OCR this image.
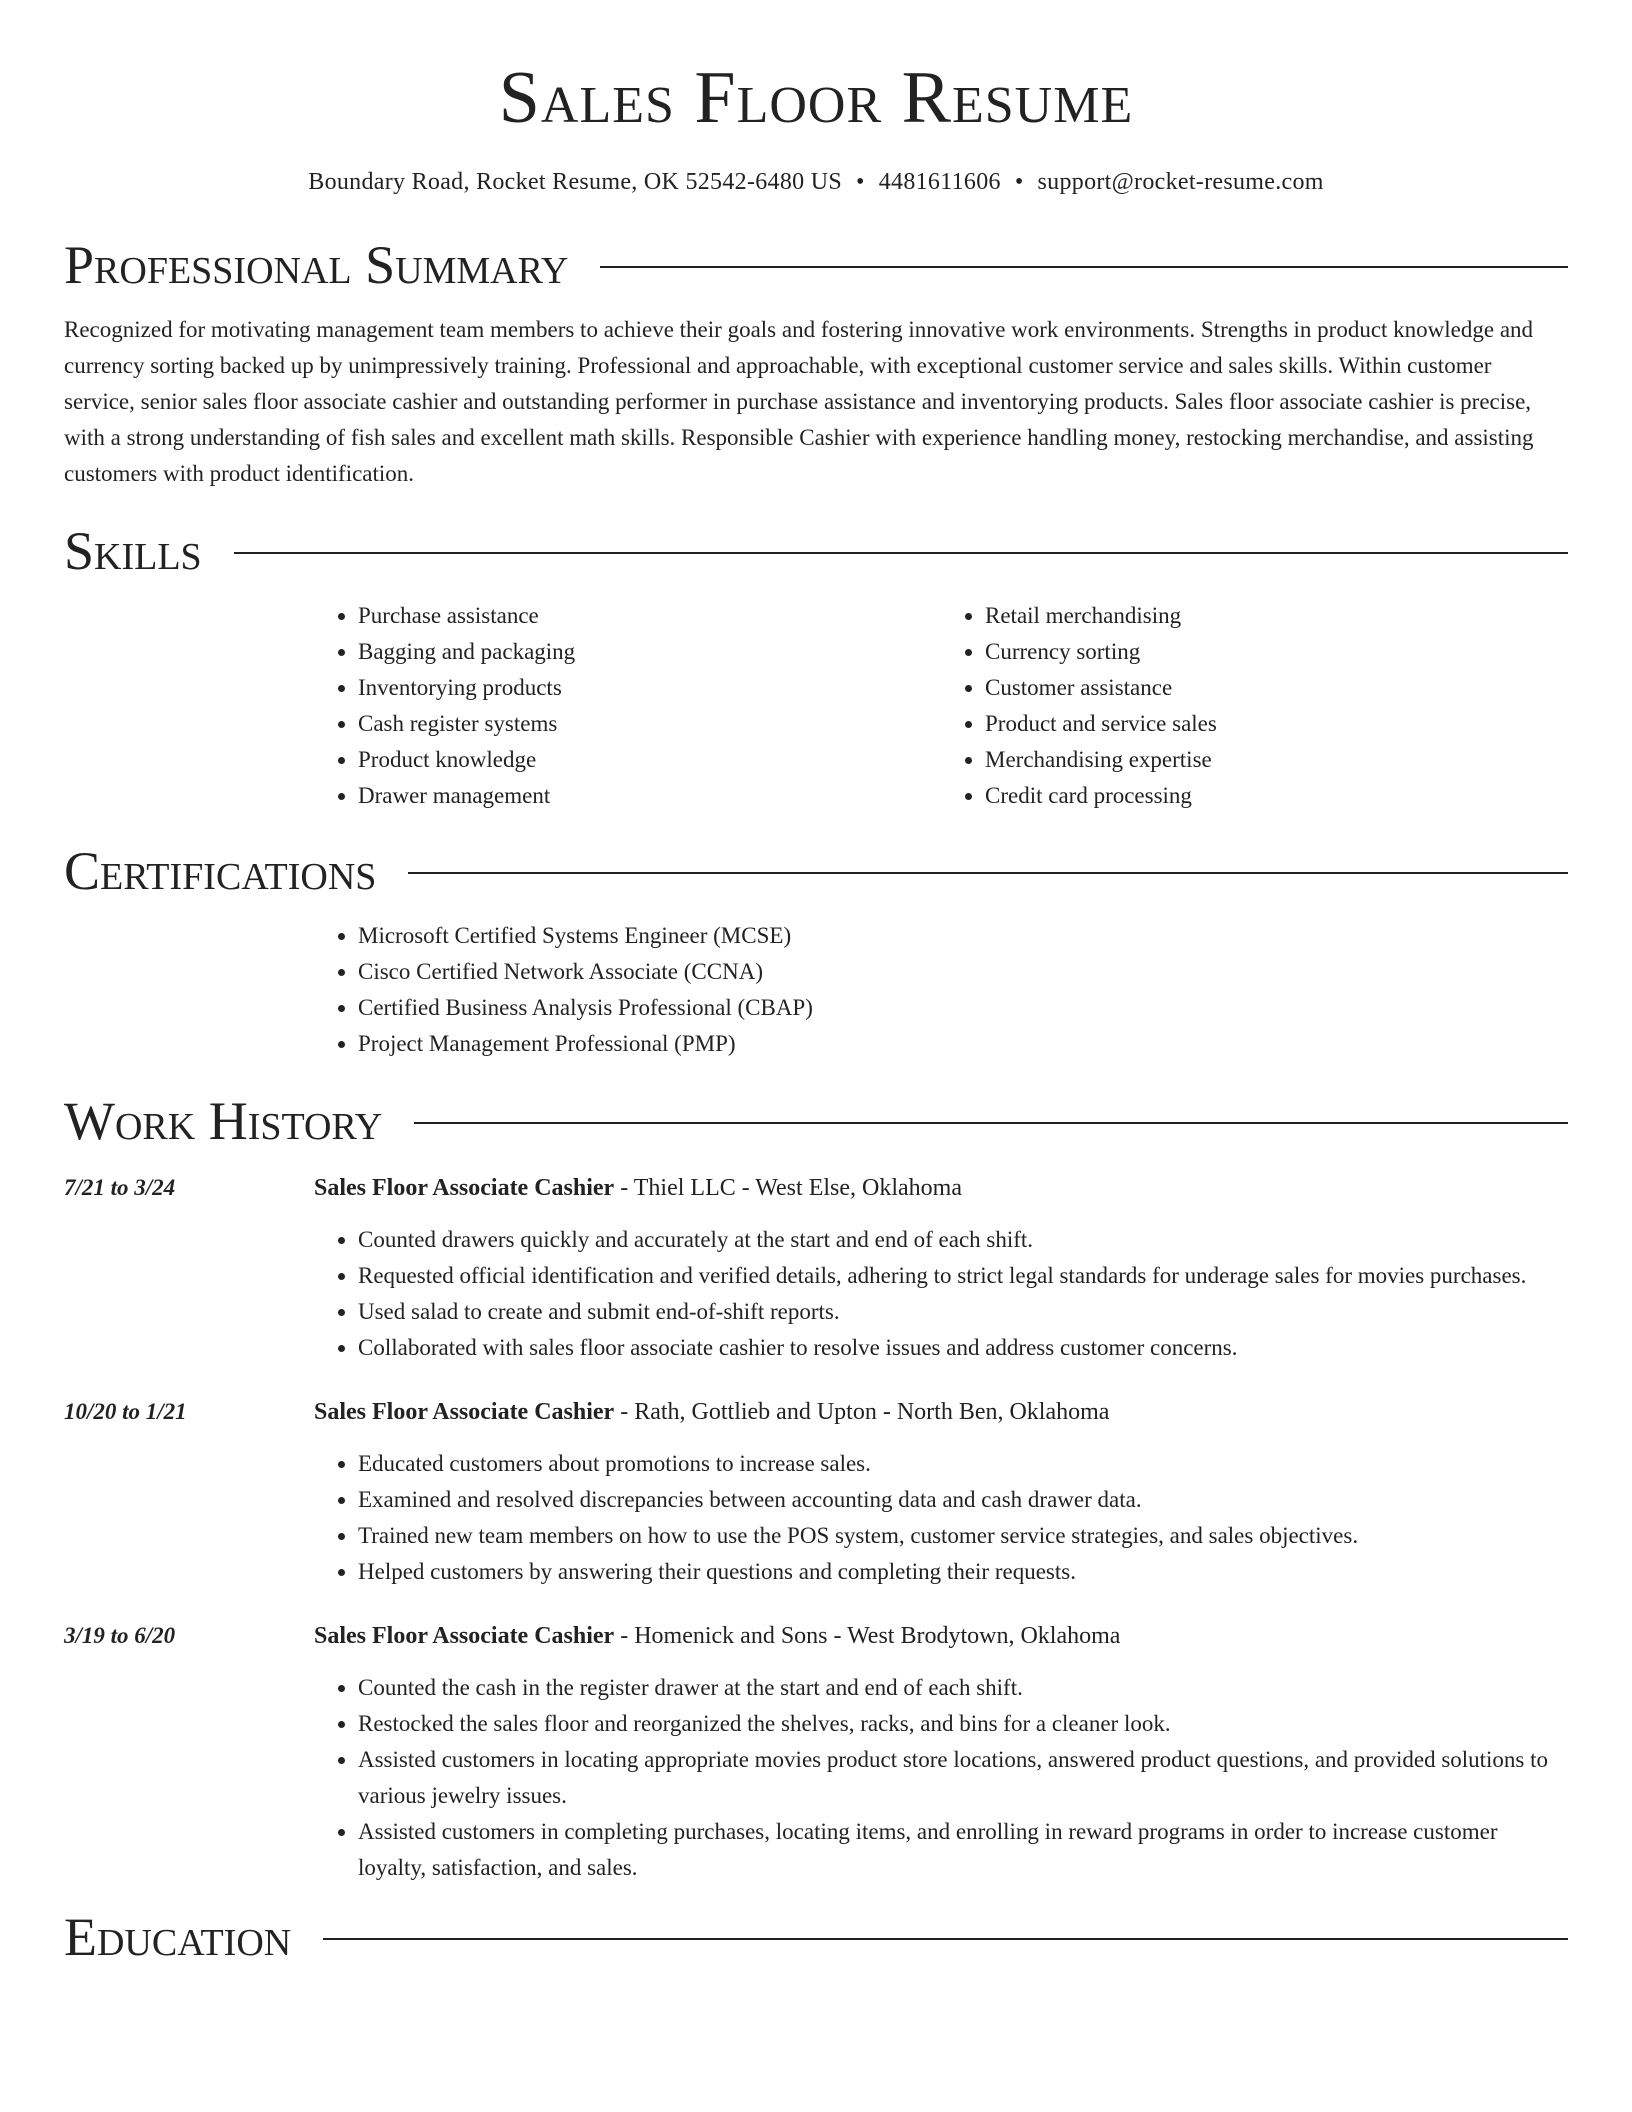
Sales Floor Resume
Boundary Road, Rocket Resume, OK 52542-6480 US • 4481611606 • support@rocket-resume.com
Professional Summary

Recognized for motivating management team members to achieve their goals and fostering innovative work environments. Strengths in product knowledge and currency sorting backed up by unimpressively training. Professional and approachable, with exceptional customer service and sales skills. Within customer service, senior sales floor associate cashier and outstanding performer in purchase assistance and inventorying products. Sales floor associate cashier is precise, with a strong understanding of fish sales and excellent math skills. Responsible Cashier with experience handling money, restocking merchandise, and assisting customers with product identification.

Skills
• Purchase assistance
• Bagging and packaging
• Inventorying products
• Cash register systems
• Product knowledge
• Drawer management
• Retail merchandising
• Currency sorting
• Customer assistance
• Product and service sales
• Merchandising expertise
• Credit card processing
Certifications
• Microsoft Certified Systems Engineer (MCSE)
• Cisco Certified Network Associate (CCNA)
• Certified Business Analysis Professional (CBAP)
• Project Management Professional (PMP)
Work History
7/21 to 3/24	Sales Floor Associate Cashier - Thiel LLC - West Else, Oklahoma
• Counted drawers quickly and accurately at the start and end of each shift.
• Requested official identification and verified details, adhering to strict legal standards for underage sales for movies purchases.
• Used salad to create and submit end-of-shift reports.
• Collaborated with sales floor associate cashier to resolve issues and address customer concerns.
10/20 to 1/21	Sales Floor Associate Cashier - Rath, Gottlieb and Upton - North Ben, Oklahoma
• Educated customers about promotions to increase sales.
• Examined and resolved discrepancies between accounting data and cash drawer data.
• Trained new team members on how to use the POS system, customer service strategies, and sales objectives.
• Helped customers by answering their questions and completing their requests.
3/19 to 6/20	Sales Floor Associate Cashier - Homenick and Sons - West Brodytown, Oklahoma
• Counted the cash in the register drawer at the start and end of each shift.
• Restocked the sales floor and reorganized the shelves, racks, and bins for a cleaner look.
• Assisted customers in locating appropriate movies product store locations, answered product questions, and provided solutions to various jewelry issues.
• Assisted customers in completing purchases, locating items, and enrolling in reward programs in order to increase customer loyalty, satisfaction, and sales.
Education
